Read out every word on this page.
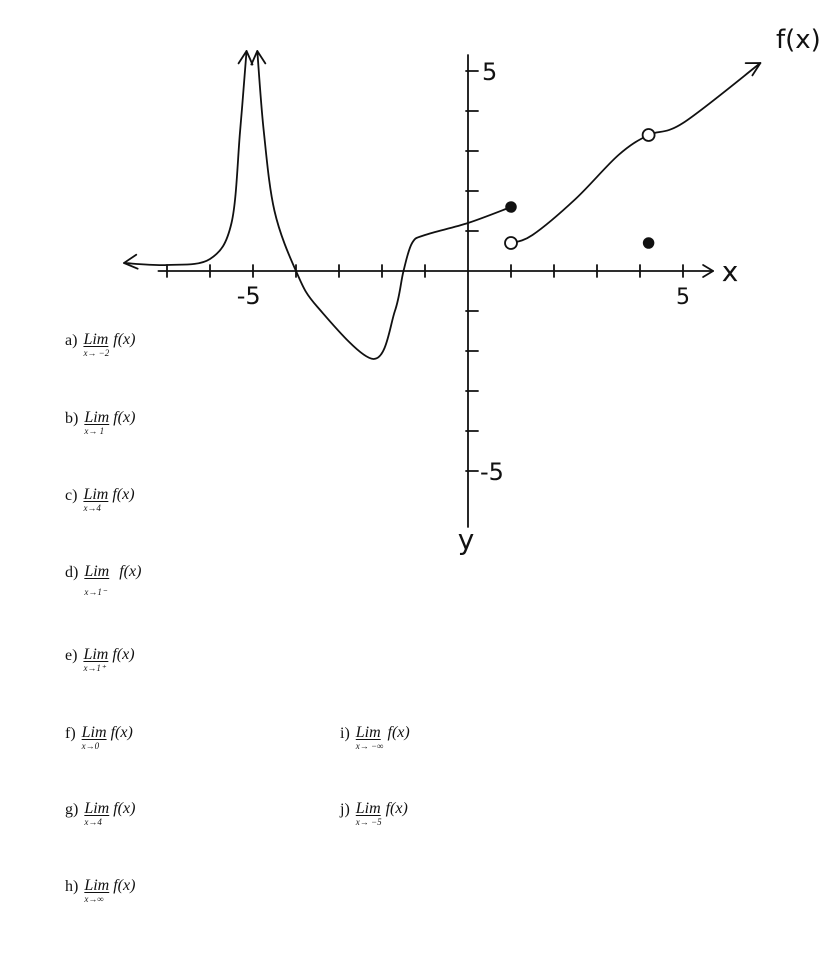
-5	5
5
-5
x
y
f(x)
a) Lim
x→ −2
f(x)
b) Lim
x→ 1
f(x)
c) Lim
x→4
f(x)
d) Lim
x→1⁻
f(x)
e) Lim
x→1⁺
f(x)
f) Lim
x→0
f(x)
g) Lim
x→4
f(x)
h) Lim
x→∞
f(x)
i) Lim
x→ −∞
f(x)
j) Lim
x→ −5
f(x)
